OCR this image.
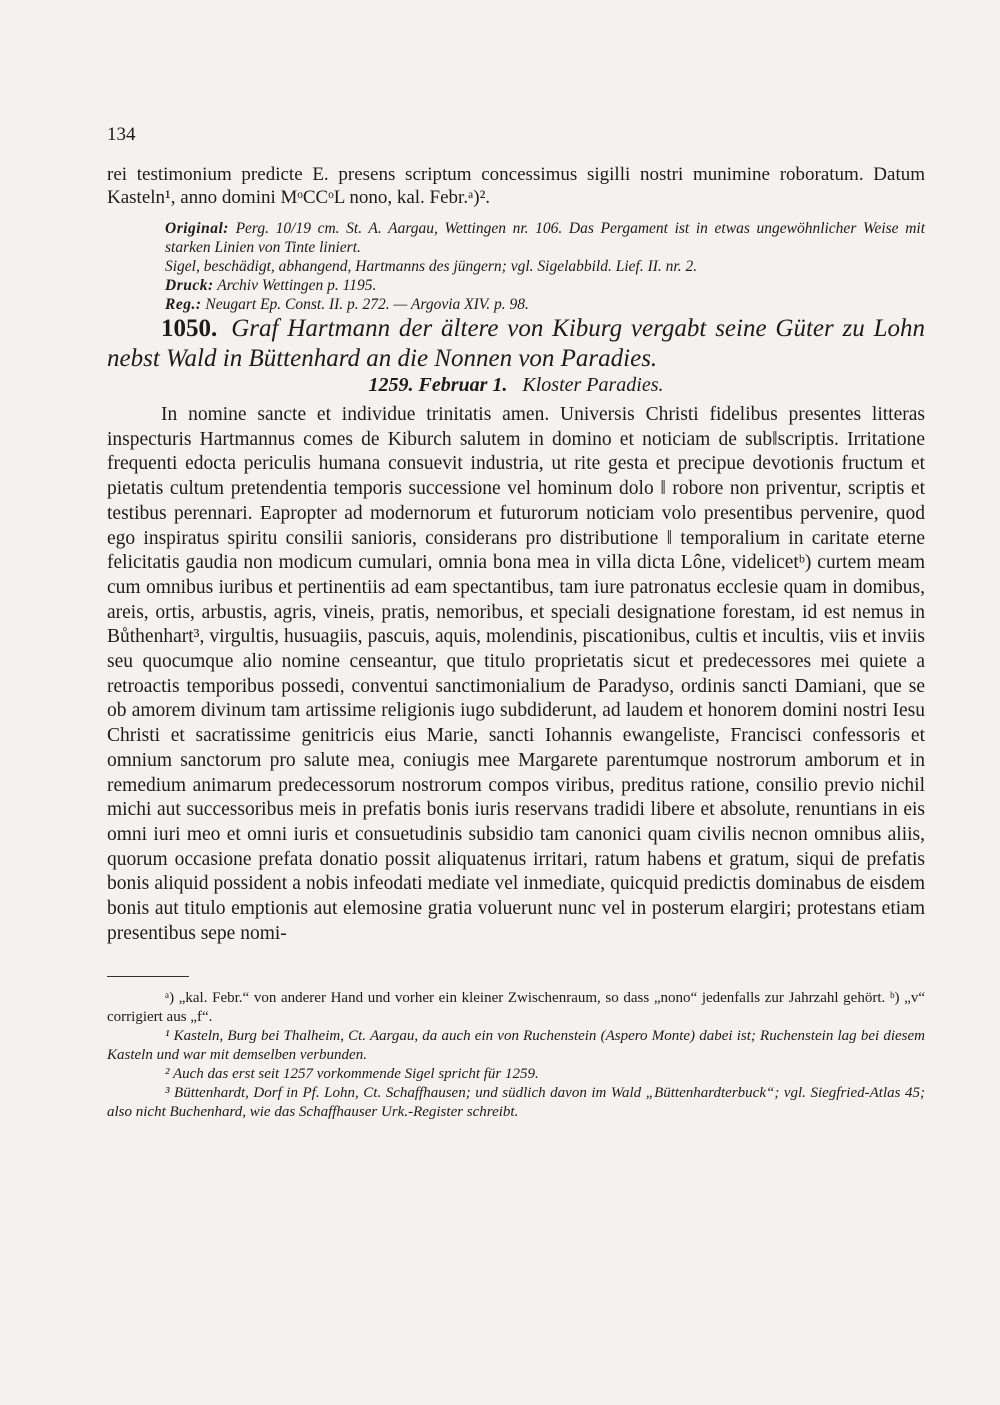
134

rei testimonium predicte E. presens scriptum concessimus sigilli nostri munimine roboratum. Datum Kasteln¹, anno domini MᵒCCᵒL nono, kal. Febr.ᵃ)².

Original: Perg. 10/19 cm. St. A. Aargau, Wettingen nr. 106. Das Pergament ist in etwas ungewöhnlicher Weise mit starken Linien von Tinte liniert.

Sigel, beschädigt, abhangend, Hartmanns des jüngern; vgl. Sigelabbild. Lief. II. nr. 2.

Druck: Archiv Wettingen p. 1195.

Reg.: Neugart Ep. Const. II. p. 272. — Argovia XIV. p. 98.

1050. Graf Hartmann der ältere von Kiburg vergabt seine Güter zu Lohn nebst Wald in Büttenhard an die Nonnen von Paradies.

1259. Februar 1. Kloster Paradies.

In nomine sancte et individue trinitatis amen. Universis Christi fidelibus presentes litteras inspecturis Hartmannus comes de Kiburch salutem in domino et noticiam de sub‖scriptis. Irritatione frequenti edocta periculis humana consuevit industria, ut rite gesta et precipue devotionis fructum et pietatis cultum pretendentia temporis successione vel hominum dolo ‖ robore non priventur, scriptis et testibus perennari. Eapropter ad modernorum et futurorum noticiam volo presentibus pervenire, quod ego inspiratus spiritu consilii sanioris, considerans pro distributione ‖ temporalium in caritate eterne felicitatis gaudia non modicum cumulari, omnia bona mea in villa dicta Lône, videlicetᵇ) curtem meam cum omnibus iuribus et pertinentiis ad eam spectantibus, tam iure patronatus ecclesie quam in domibus, areis, ortis, arbustis, agris, vineis, pratis, nemoribus, et speciali designatione forestam, id est nemus in Bůthenhart³, virgultis, husuagiis, pascuis, aquis, molendinis, piscationibus, cultis et incultis, viis et inviis seu quocumque alio nomine censeantur, que titulo proprietatis sicut et predecessores mei quiete a retroactis temporibus possedi, conventui sanctimonialium de Paradyso, ordinis sancti Damiani, que se ob amorem divinum tam artissime religionis iugo subdiderunt, ad laudem et honorem domini nostri Iesu Christi et sacratissime genitricis eius Marie, sancti Iohannis ewangeliste, Francisci confessoris et omnium sanctorum pro salute mea, coniugis mee Margarete parentumque nostrorum amborum et in remedium animarum predecessorum nostrorum compos viribus, preditus ratione, consilio previo nichil michi aut successoribus meis in prefatis bonis iuris reservans tradidi libere et absolute, renuntians in eis omni iuri meo et omni iuris et consuetudinis subsidio tam canonici quam civilis necnon omnibus aliis, quorum occasione prefata donatio possit aliquatenus irritari, ratum habens et gratum, siqui de prefatis bonis aliquid possident a nobis infeodati mediate vel inmediate, quicquid predictis dominabus de eisdem bonis aut titulo emptionis aut elemosine gratia voluerunt nunc vel in posterum elargiri; protestans etiam presentibus sepe nomi-

ᵃ) „kal. Febr.“ von anderer Hand und vorher ein kleiner Zwischenraum, so dass „nono“ jedenfalls zur Jahrzahl gehört. ᵇ) „v“ corrigiert aus „f“.

¹ Kasteln, Burg bei Thalheim, Ct. Aargau, da auch ein von Ruchenstein (Aspero Monte) dabei ist; Ruchenstein lag bei diesem Kasteln und war mit demselben verbunden.

² Auch das erst seit 1257 vorkommende Sigel spricht für 1259.

³ Büttenhardt, Dorf in Pf. Lohn, Ct. Schaffhausen; und südlich davon im Wald „Büttenhardterbuck“; vgl. Siegfried-Atlas 45; also nicht Buchenhard, wie das Schaffhauser Urk.-Register schreibt.
